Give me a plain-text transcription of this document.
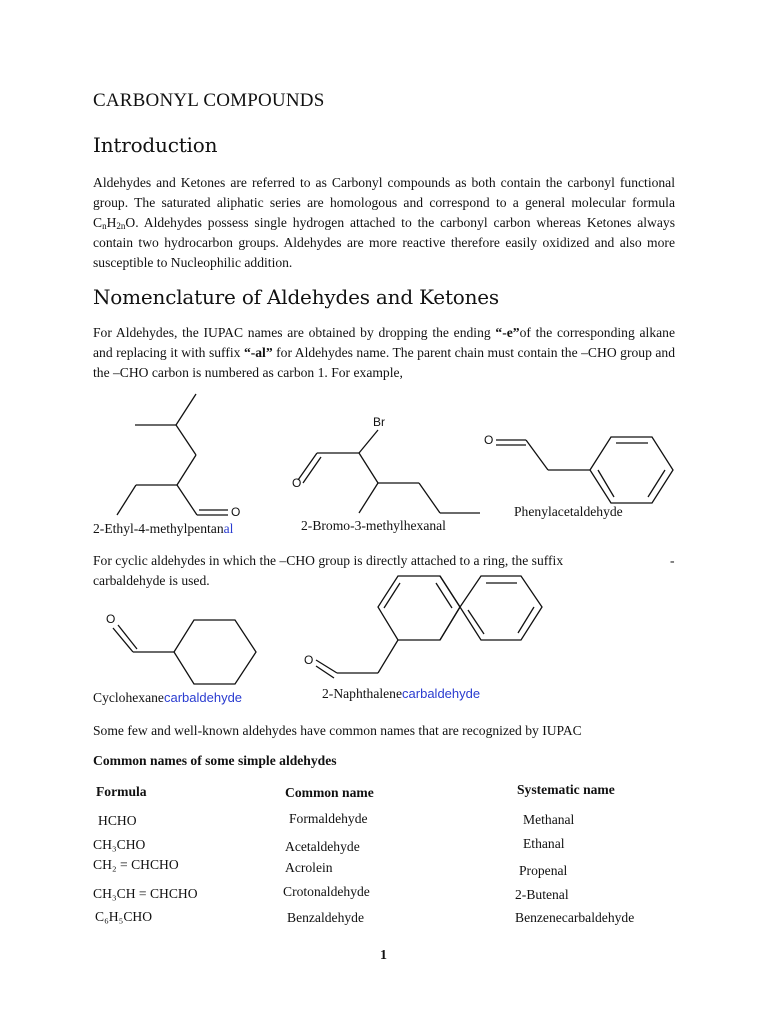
CARBONYL COMPOUNDS
Introduction

Aldehydes and Ketones are referred to as Carbonyl compounds as both contain the carbonyl functional group. The saturated aliphatic series are homologous and correspond to a general molecular formula $C_nH_{2n}O$. Aldehydes possess single hydrogen attached to the carbonyl carbon whereas Ketones always contain two hydrocarbon groups. Aldehydes are more reactive therefore easily oxidized and also more susceptible to Nucleophilic addition.

Nomenclature of Aldehydes and Ketones

For Aldehydes, the IUPAC names are obtained by dropping the ending “-e”of the corresponding alkane and replacing it with suffix “-al” for Aldehydes name. The parent chain must contain the –CHO group and the –CHO carbon is numbered as carbon 1. For example,

O
Br
O
O
O
O
2-Ethyl-4-methylpentanal	2-Bromo-3-methylhexanal
Phenylacetaldehyde
For cyclic aldehydes in which the –CHO group is directly attached to a ring, the suffix	-
carbaldehyde is used.
Cyclohexanecarbaldehyde	2-Naphthalenecarbaldehyde
Some few and well-known aldehydes have common names that are recognized by IUPAC
Common names of some simple aldehydes
Formula	Common name	Systematic name
HCHO	Formaldehyde	Methanal
CH₃CHO	Acetaldehyde	Ethanal
CH₂ = CHCHO	Acrolein	Propenal
CH₃CH = CHCHO	Crotonaldehyde	2-Butenal
C₆H₅CHO	Benzaldehyde	Benzenecarbaldehyde
1
